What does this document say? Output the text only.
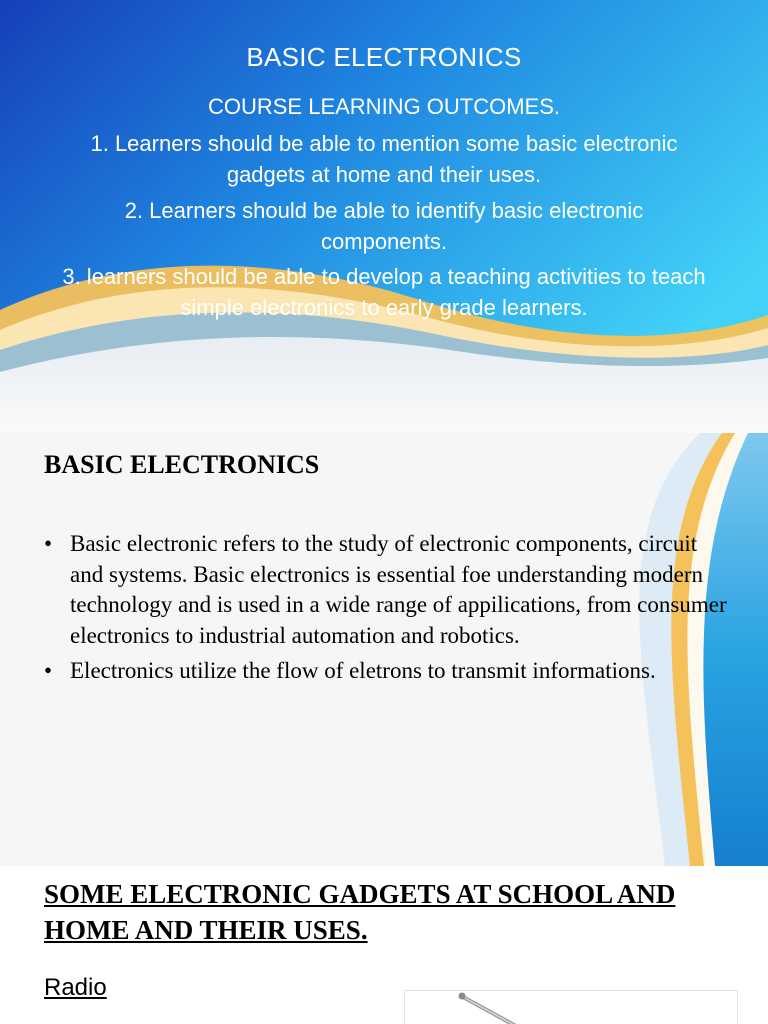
BASIC ELECTRONICS
COURSE LEARNING OUTCOMES.
1. Learners should be able to mention some basic electronic gadgets at home and their uses.
2. Learners should be able to identify basic electronic components.
3. learners should be able to develop a teaching activities to teach simple electronics to early grade learners.
BASIC ELECTRONICS
• Basic electronic refers to the study of electronic components, circuit and systems. Basic electronics is essential foe understanding modern technology and is used in a wide range of appilications, from consumer electronics to industrial automation and robotics.
• Electronics utilize the flow of eletrons to transmit informations.
SOME ELECTRONIC GADGETS AT SCHOOL AND HOME AND THEIR USES.
Radio
